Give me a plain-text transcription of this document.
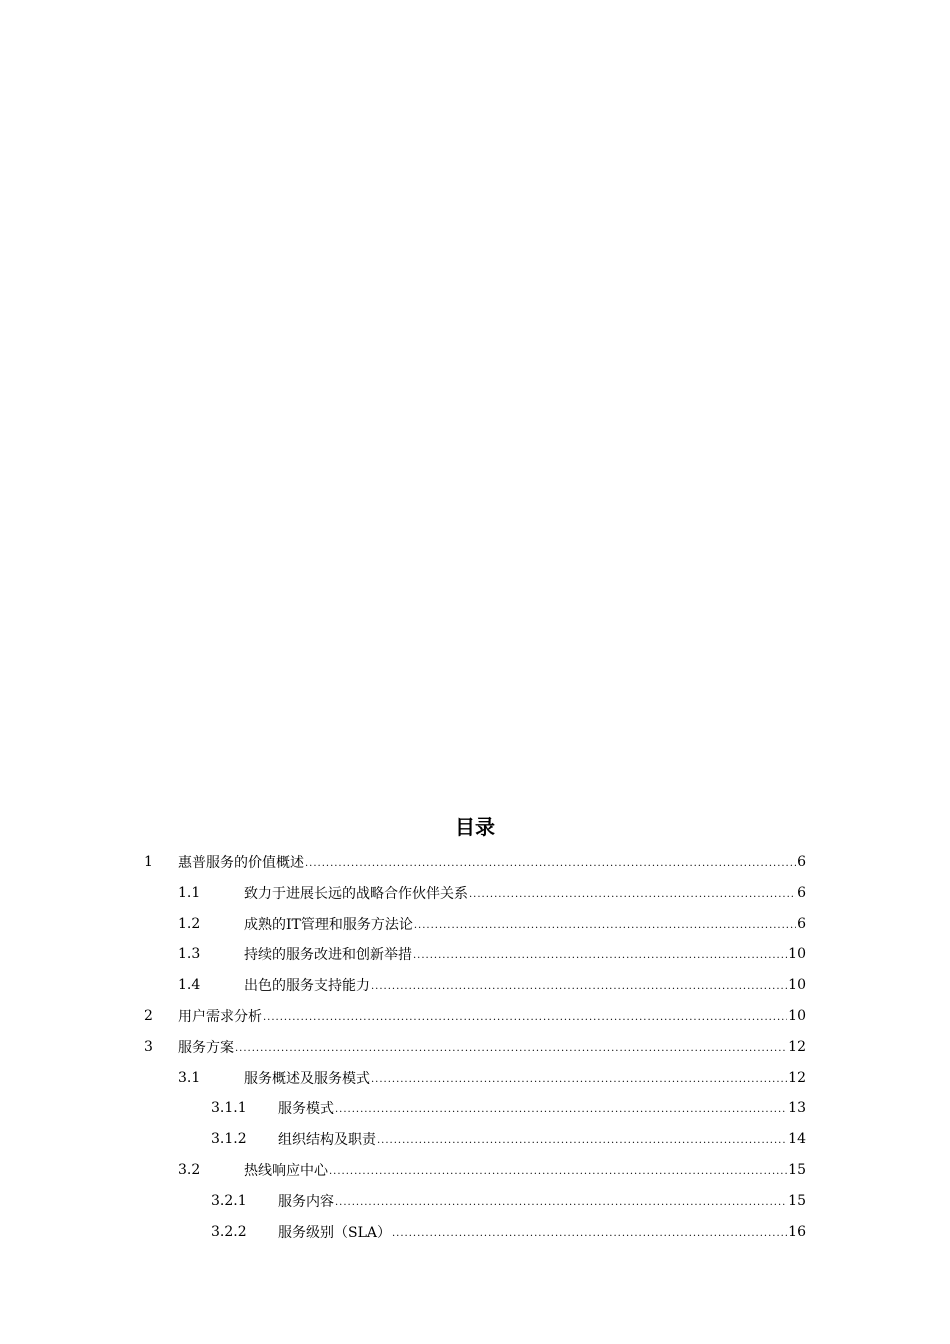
目录
1 惠普服务的价值概述 .....	6
1.1	致力于进展长远的战略合作伙伴关系 .....	6
1.2	成熟的IT管理和服务方法论 .....	6
1.3	持续的服务改进和创新举措 .....	10
1.4	出色的服务支持能力 .....	10
2 用户需求分析 .....	10
3 服务方案 .....	12
3.1	服务概述及服务模式 .....	12
3.1.1 服务模式 .....	13
3.1.2 组织结构及职责 .....	14
3.2	热线响应中心 .....	15
3.2.1 服务内容 .....	15
3.2.2 服务级别（SLA） .....	16
